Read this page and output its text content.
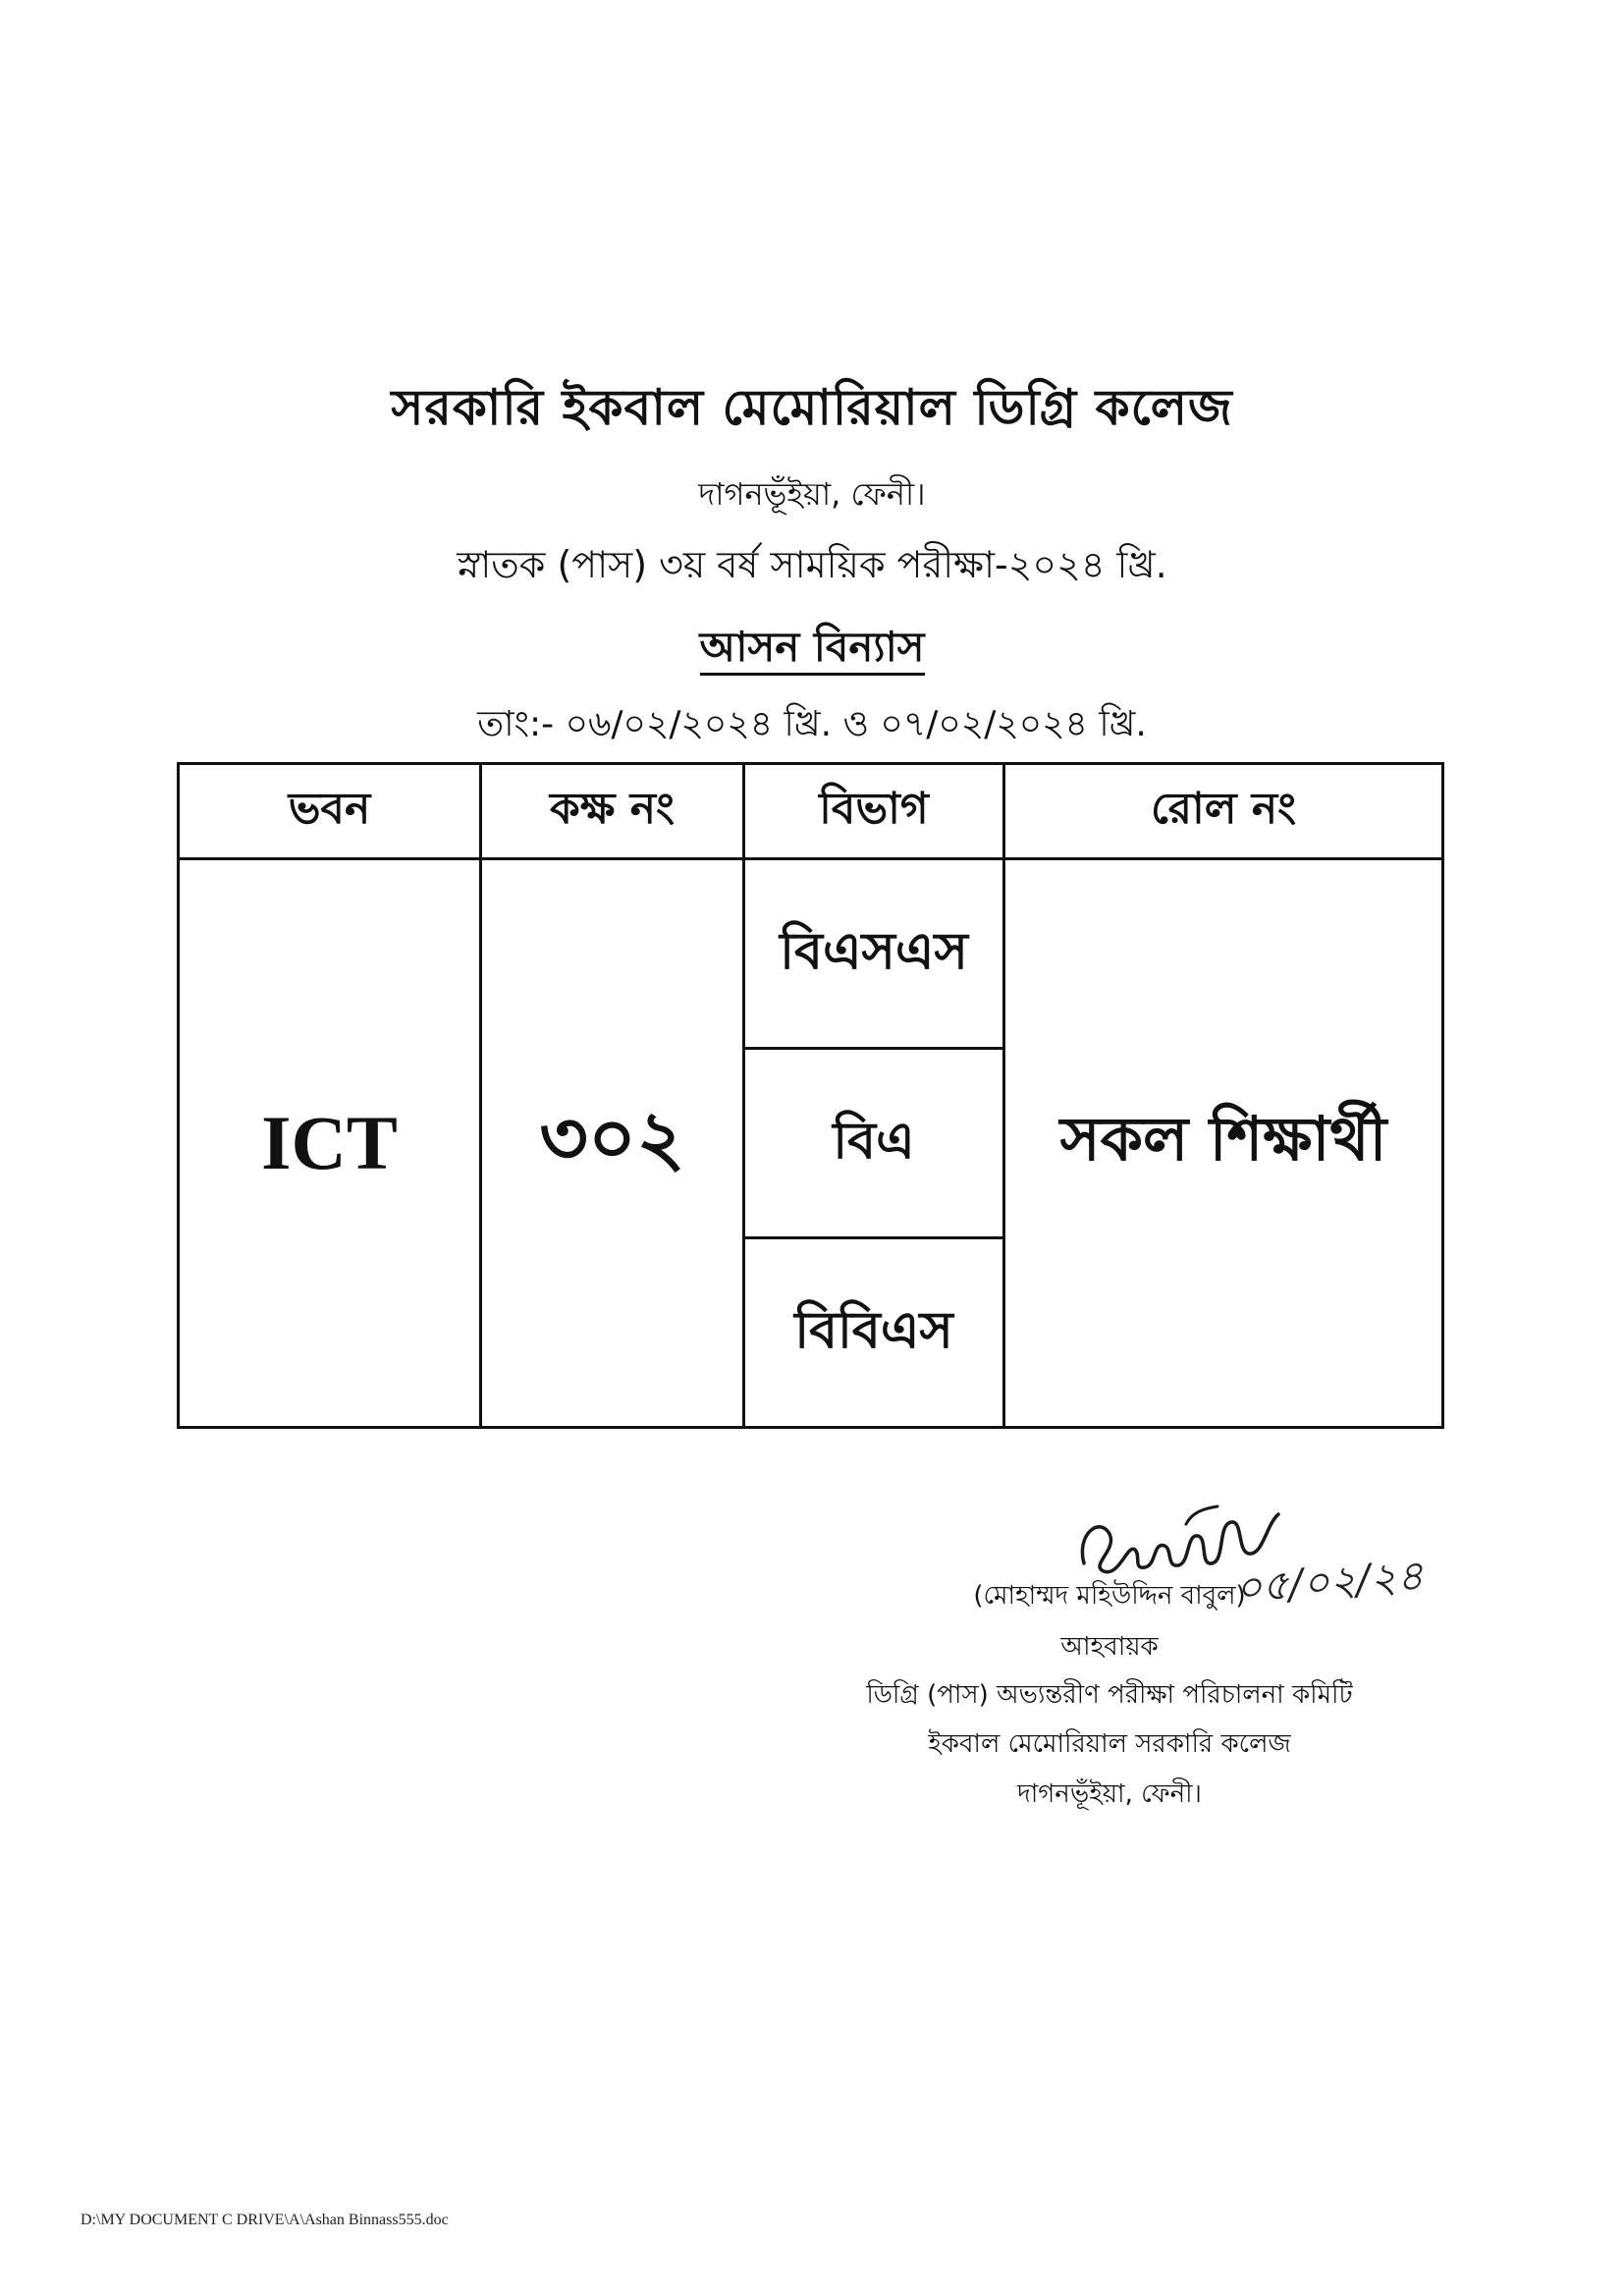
সরকারি ইকবাল মেমোরিয়াল ডিগ্রি কলেজ
দাগনভূঁইয়া, ফেনী।
স্নাতক (পাস) ৩য় বর্ষ সাময়িক পরীক্ষা-২০২৪ খ্রি.
আসন বিন্যাস
তাং:- ০৬/০২/২০২৪ খ্রি. ও ০৭/০২/২০২৪ খ্রি.
ভবন	কক্ষ নং	বিভাগ	রোল নং
ICT	৩০২	বিএসএস	সকল শিক্ষার্থী
		বিএ	
		বিবিএস	
০৫/০২/২৪
(মোহাম্মদ মহিউদ্দিন বাবুল)
আহবায়ক
ডিগ্রি (পাস) অভ্যন্তরীণ পরীক্ষা পরিচালনা কমিটি
ইকবাল মেমোরিয়াল সরকারি কলেজ
দাগনভূঁইয়া, ফেনী।
D:\MY DOCUMENT C DRIVE\A\Ashan Binnass555.doc
